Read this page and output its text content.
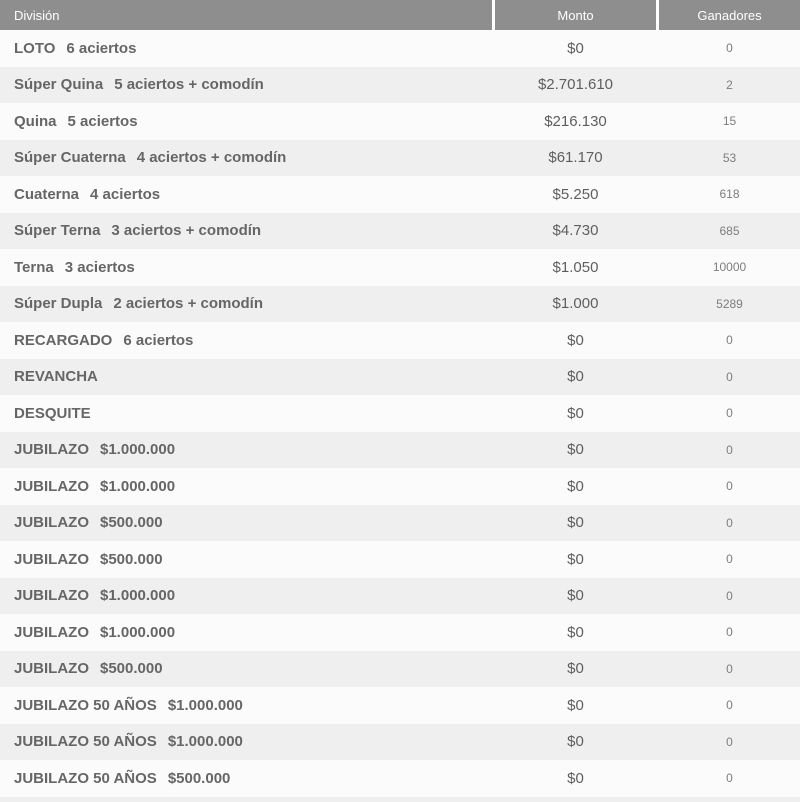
División	Monto	Ganadores
LOTO 6 aciertos	$0	0
Súper Quina 5 aciertos + comodín	$2.701.610	2
Quina 5 aciertos	$216.130	15
Súper Cuaterna 4 aciertos + comodín	$61.170	53
Cuaterna 4 aciertos	$5.250	618
Súper Terna 3 aciertos + comodín	$4.730	685
Terna 3 aciertos	$1.050	10000
Súper Dupla 2 aciertos + comodín	$1.000	5289
RECARGADO 6 aciertos	$0	0
REVANCHA	$0	0
DESQUITE	$0	0
JUBILAZO $1.000.000	$0	0
JUBILAZO $1.000.000	$0	0
JUBILAZO $500.000	$0	0
JUBILAZO $500.000	$0	0
JUBILAZO $1.000.000	$0	0
JUBILAZO $1.000.000	$0	0
JUBILAZO $500.000	$0	0
JUBILAZO 50 AÑOS $1.000.000	$0	0
JUBILAZO 50 AÑOS $1.000.000	$0	0
JUBILAZO 50 AÑOS $500.000	$0	0
